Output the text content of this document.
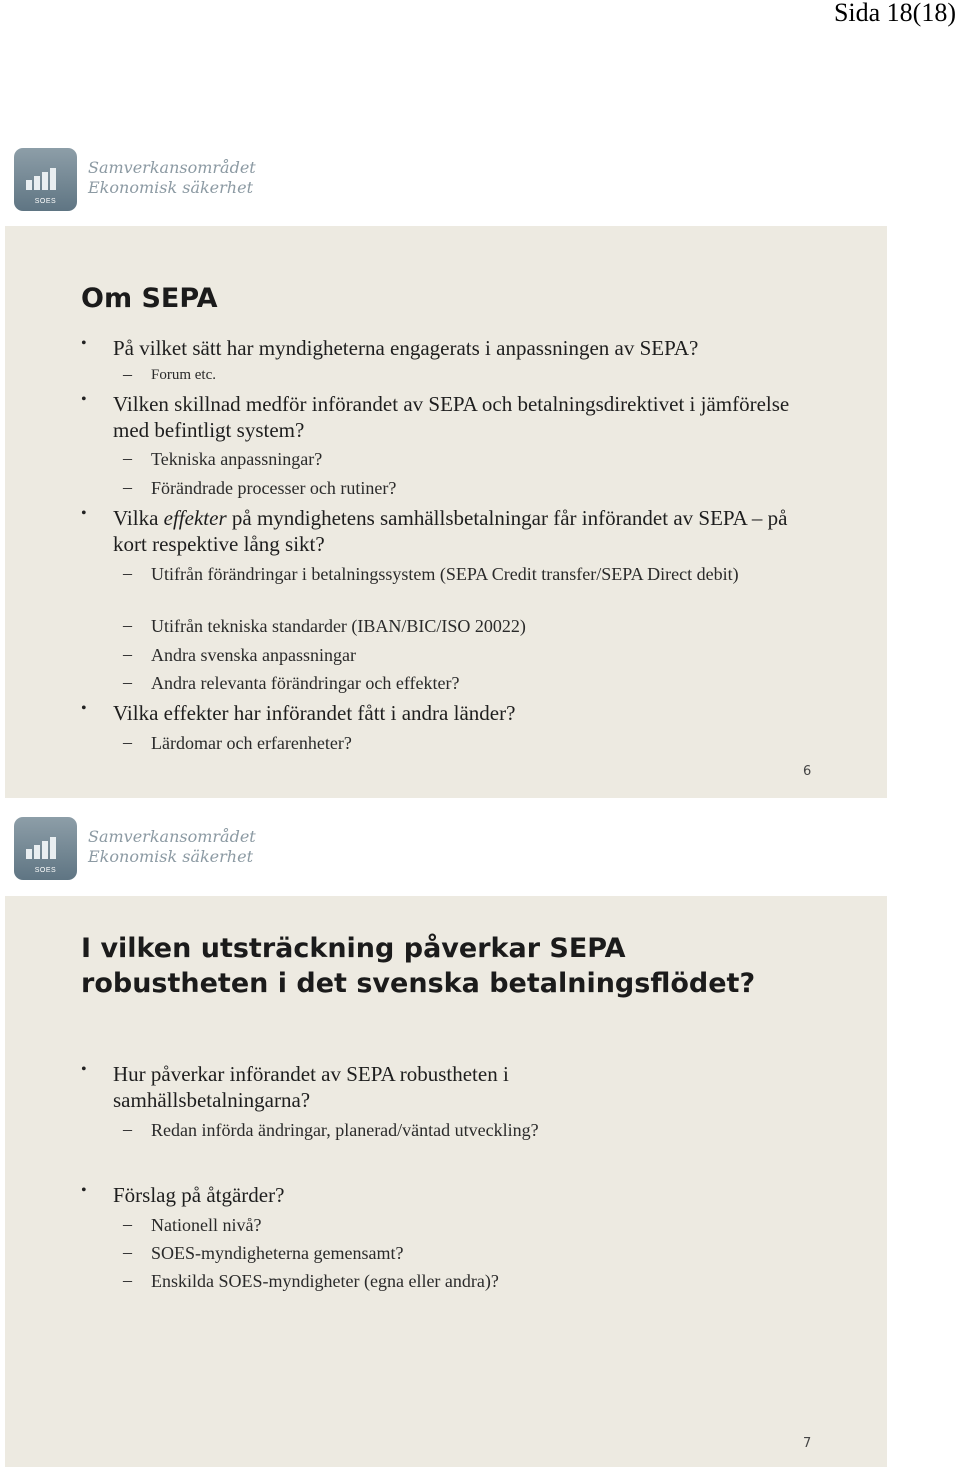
Sida 18(18)
SOES
Samverkansområdet
Ekonomisk säkerhet
Om SEPA
• På vilket sätt har myndigheterna engagerats i anpassningen av SEPA?
– Forum etc.
• Vilken skillnad medför införandet av SEPA och betalningsdirektivet i jämförelse med befintligt system?
– Tekniska anpassningar?
– Förändrade processer och rutiner?
• Vilka effekter på myndighetens samhällsbetalningar får införandet av SEPA – på kort respektive lång sikt?
– Utifrån förändringar i betalningssystem (SEPA Credit transfer/SEPA Direct debit)
– Utifrån tekniska standarder (IBAN/BIC/ISO 20022)
– Andra svenska anpassningar
– Andra relevanta förändringar och effekter?
• Vilka effekter har införandet fått i andra länder?
– Lärdomar och erfarenheter?
6
SOES
Samverkansområdet
Ekonomisk säkerhet
I vilken utsträckning påverkar SEPA
robustheten i det svenska betalningsflödet?
• Hur påverkar införandet av SEPA robustheten i samhällsbetalningarna?
– Redan införda ändringar, planerad/väntad utveckling?
• Förslag på åtgärder?
– Nationell nivå?
– SOES-myndigheterna gemensamt?
– Enskilda SOES-myndigheter (egna eller andra)?
7
